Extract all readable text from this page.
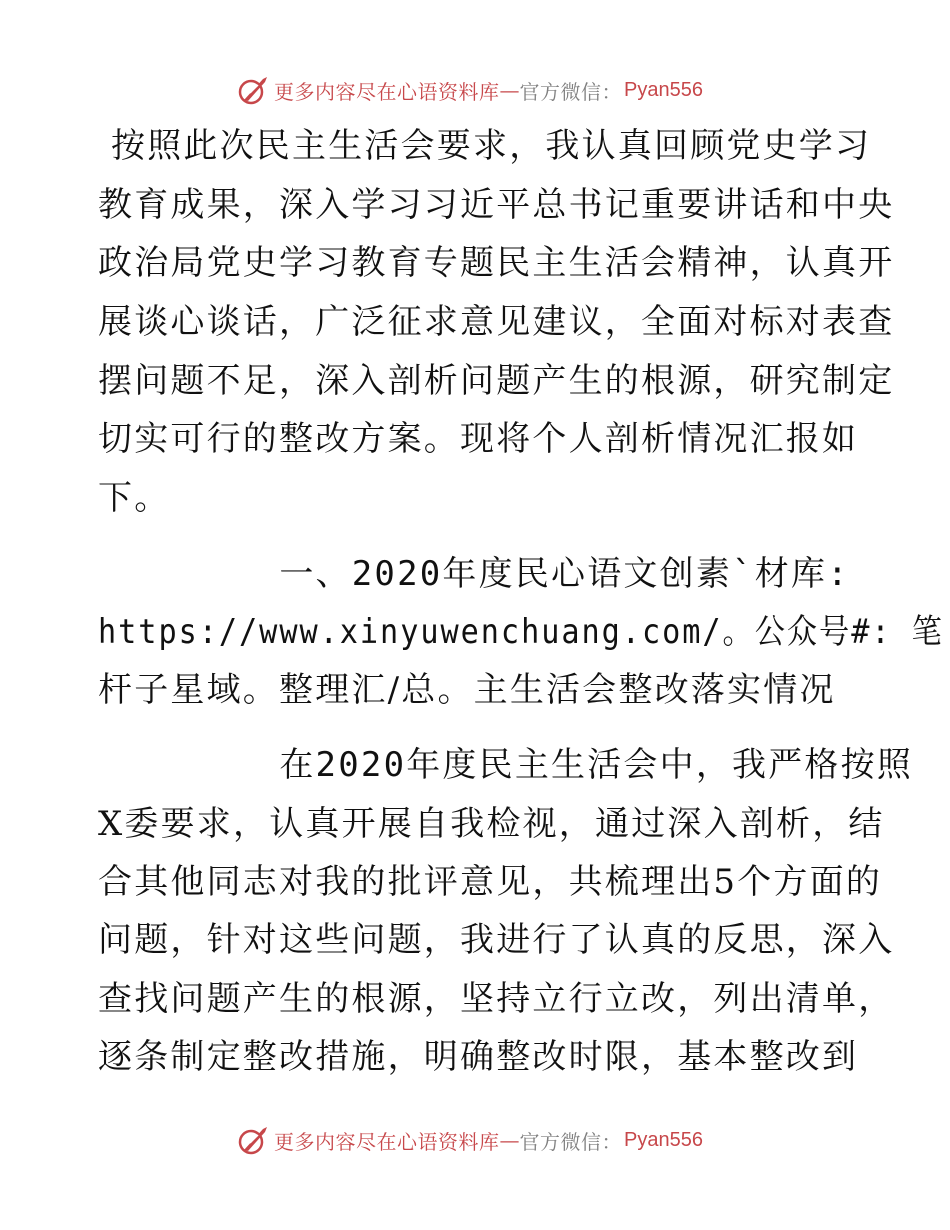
更多内容尽在心语资料库 — 官方微信： Pyan556

按照此次民主生活会要求，我认真回顾党史学习

教育成果，深入学习习近平总书记重要讲话和中央

政治局党史学习教育专题民主生活会精神，认真开

展谈心谈话，广泛征求意见建议，全面对标对表查

摆问题不足，深入剖析问题产生的根源，研究制定

切实可行的整改方案。现将个人剖析情况汇报如

下。

一、2020年度民心语文创素`材库:

https://www.xinyuwenchuang.com/。公众号#: 笔

杆子星域。整理汇/总。主生活会整改落实情况

在2020年度民主生活会中，我严格按照

X委要求，认真开展自我检视，通过深入剖析，结

合其他同志对我的批评意见，共梳理出5个方面的

问题，针对这些问题，我进行了认真的反思，深入

查找问题产生的根源，坚持立行立改，列出清单，

逐条制定整改措施，明确整改时限，基本整改到

更多内容尽在心语资料库 — 官方微信： Pyan556
